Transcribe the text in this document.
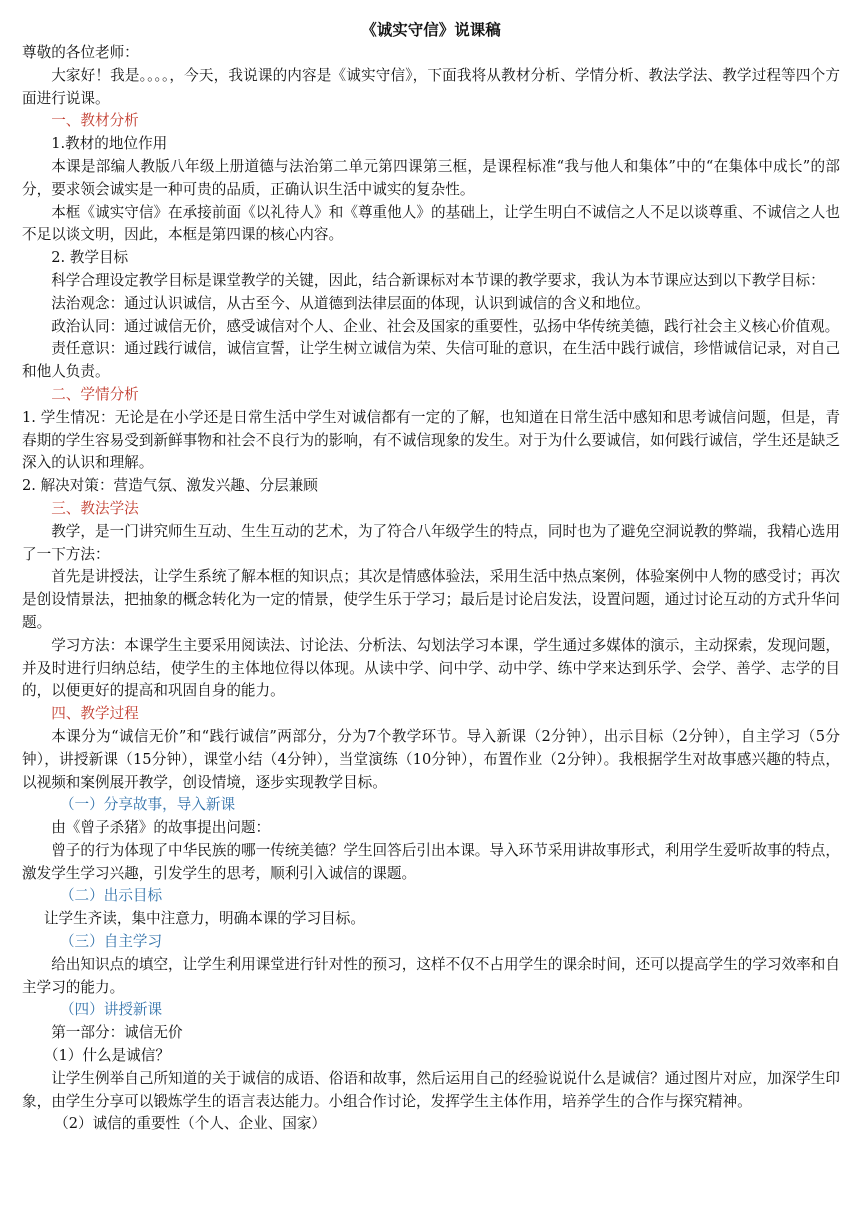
《诚实守信》说课稿

尊敬的各位老师：

大家好！我是。。。。，今天，我说课的内容是《诚实守信》，下面我将从教材分析、学情分析、教法学法、教学过程等四个方面进行说课。

一、教材分析

1.教材的地位作用

本课是部编人教版八年级上册道德与法治第二单元第四课第三框，是课程标准“我与他人和集体”中的“在集体中成长”的部分，要求领会诚实是一种可贵的品质，正确认识生活中诚实的复杂性。

本框《诚实守信》在承接前面《以礼待人》和《尊重他人》的基础上，让学生明白不诚信之人不足以谈尊重、不诚信之人也不足以谈文明，因此，本框是第四课的核心内容。

2. 教学目标

科学合理设定教学目标是课堂教学的关键，因此，结合新课标对本节课的教学要求，我认为本节课应达到以下教学目标：

法治观念：通过认识诚信，从古至今、从道德到法律层面的体现，认识到诚信的含义和地位。

政治认同：通过诚信无价，感受诚信对个人、企业、社会及国家的重要性，弘扬中华传统美德，践行社会主义核心价值观。

责任意识：通过践行诚信，诚信宣誓，让学生树立诚信为荣、失信可耻的意识，在生活中践行诚信，珍惜诚信记录，对自己和他人负责。

二、学情分析

1. 学生情况：无论是在小学还是日常生活中学生对诚信都有一定的了解，也知道在日常生活中感知和思考诚信问题，但是，青春期的学生容易受到新鲜事物和社会不良行为的影响，有不诚信现象的发生。对于为什么要诚信，如何践行诚信，学生还是缺乏深入的认识和理解。

2. 解决对策：营造气氛、激发兴趣、分层兼顾

三、教法学法

教学，是一门讲究师生互动、生生互动的艺术，为了符合八年级学生的特点，同时也为了避免空洞说教的弊端，我精心选用了一下方法：

首先是讲授法，让学生系统了解本框的知识点；其次是情感体验法，采用生活中热点案例，体验案例中人物的感受讨；再次是创设情景法，把抽象的概念转化为一定的情景，使学生乐于学习；最后是讨论启发法，设置问题，通过讨论互动的方式升华问题。

学习方法：本课学生主要采用阅读法、讨论法、分析法、勾划法学习本课，学生通过多媒体的演示，主动探索，发现问题，并及时进行归纳总结，使学生的主体地位得以体现。从读中学、问中学、动中学、练中学来达到乐学、会学、善学、志学的目的，以便更好的提高和巩固自身的能力。

四、教学过程

本课分为“诚信无价”和“践行诚信”两部分，分为7个教学环节。导入新课（2分钟），出示目标（2分钟），自主学习（5分钟），讲授新课（15分钟），课堂小结（4分钟），当堂演练（10分钟），布置作业（2分钟）。我根据学生对故事感兴趣的特点，以视频和案例展开教学，创设情境，逐步实现教学目标。

（一）分享故事，导入新课

由《曾子杀猪》的故事提出问题：

曾子的行为体现了中华民族的哪一传统美德？学生回答后引出本课。导入环节采用讲故事形式，利用学生爱听故事的特点，激发学生学习兴趣，引发学生的思考，顺利引入诚信的课题。

（二）出示目标

让学生齐读，集中注意力，明确本课的学习目标。

（三）自主学习

给出知识点的填空，让学生利用课堂进行针对性的预习，这样不仅不占用学生的课余时间，还可以提高学生的学习效率和自主学习的能力。

（四）讲授新课

第一部分：诚信无价

（1）什么是诚信？

让学生例举自己所知道的关于诚信的成语、俗语和故事，然后运用自己的经验说说什么是诚信？通过图片对应，加深学生印象，由学生分享可以锻炼学生的语言表达能力。小组合作讨论，发挥学生主体作用，培养学生的合作与探究精神。

（2）诚信的重要性（个人、企业、国家）
